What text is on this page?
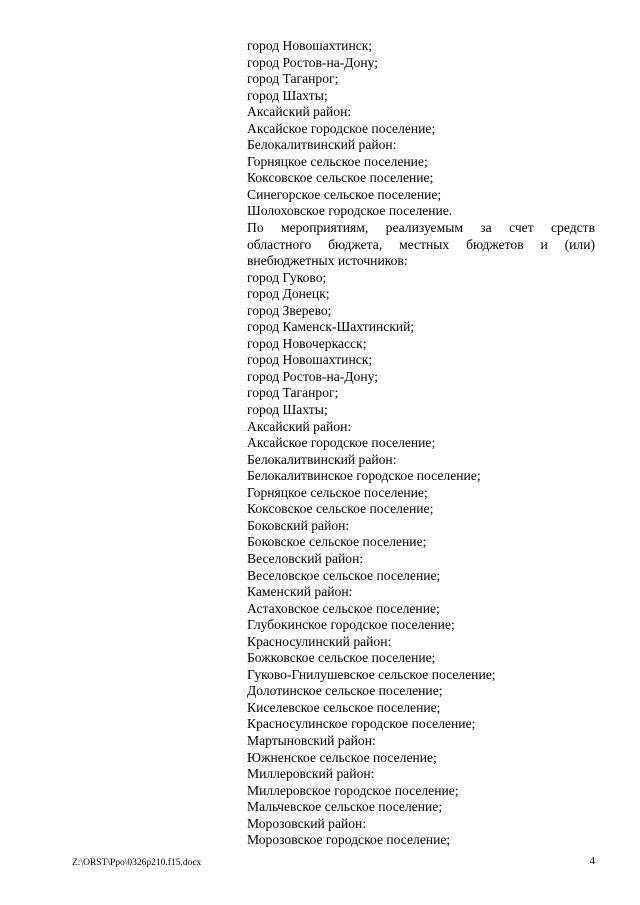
город Новошахтинск;
город Ростов-на-Дону;
город Таганрог;
город Шахты;
Аксайский район:
Аксайское городское поселение;
Белокалитвинский район:
Горняцкое сельское поселение;
Коксовское сельское поселение;
Синегорское сельское поселение;
Шолоховское городское поселение.
По мероприятиям, реализуемым за счет средств
областного бюджета, местных бюджетов и (или)
внебюджетных источников:
город Гуково;
город Донецк;
город Зверево;
город Каменск-Шахтинский;
город Новочеркасск;
город Новошахтинск;
город Ростов-на-Дону;
город Таганрог;
город Шахты;
Аксайский район:
Аксайское городское поселение;
Белокалитвинский район:
Белокалитвинское городское поселение;
Горняцкое сельское поселение;
Коксовское сельское поселение;
Боковский район:
Боковское сельское поселение;
Веселовский район:
Веселовское сельское поселение;
Каменский район:
Астаховское сельское поселение;
Глубокинское городское поселение;
Красносулинский район:
Божковское сельское поселение;
Гуково-Гнилушевское сельское поселение;
Долотинское сельское поселение;
Киселевское сельское поселение;
Красносулинское городское поселение;
Мартыновский район:
Южненское сельское поселение;
Миллеровский район:
Миллеровское городское поселение;
Мальчевское сельское поселение;
Морозовский район:
Морозовское городское поселение;
Z:\ORST\Ppo\0326p210.f15.docx	4
